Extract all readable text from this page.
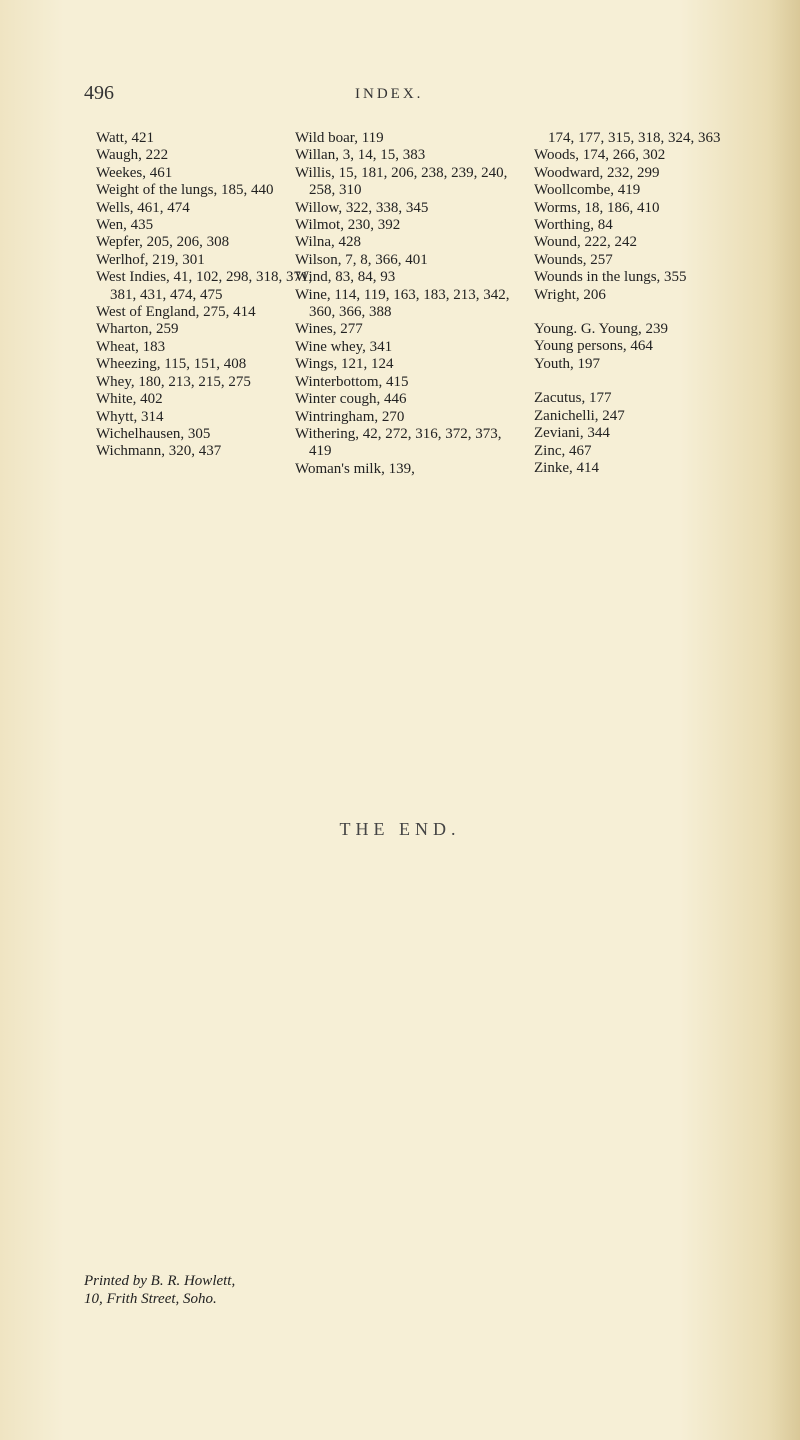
496	INDEX.

Watt, 421

Waugh, 222

Weekes, 461

Weight of the lungs, 185, 440

Wells, 461, 474

Wen, 435

Wepfer, 205, 206, 308

Werlhof, 219, 301

West Indies, 41, 102, 298, 318, 371, 381, 431, 474, 475

West of England, 275, 414

Wharton, 259

Wheat, 183

Wheezing, 115, 151, 408

Whey, 180, 213, 215, 275

White, 402

Whytt, 314

Wichelhausen, 305

Wichmann, 320, 437

Wild boar, 119

Willan, 3, 14, 15, 383

Willis, 15, 181, 206, 238, 239, 240, 258, 310

Willow, 322, 338, 345

Wilmot, 230, 392

Wilna, 428

Wilson, 7, 8, 366, 401

Wind, 83, 84, 93

Wine, 114, 119, 163, 183, 213, 342, 360, 366, 388

Wines, 277

Wine whey, 341

Wings, 121, 124

Winterbottom, 415

Winter cough, 446

Wintringham, 270

Withering, 42, 272, 316, 372, 373, 419

Woman's milk, 139,

174, 177, 315, 318, 324, 363

Woods, 174, 266, 302

Woodward, 232, 299

Woollcombe, 419

Worms, 18, 186, 410

Worthing, 84

Wound, 222, 242

Wounds, 257

Wounds in the lungs, 355

Wright, 206

Young. G. Young, 239

Young persons, 464

Youth, 197

Zacutus, 177

Zanichelli, 247

Zeviani, 344

Zinc, 467

Zinke, 414

THE END.
Printed by B. R. Howlett,
10, Frith Street, Soho.
